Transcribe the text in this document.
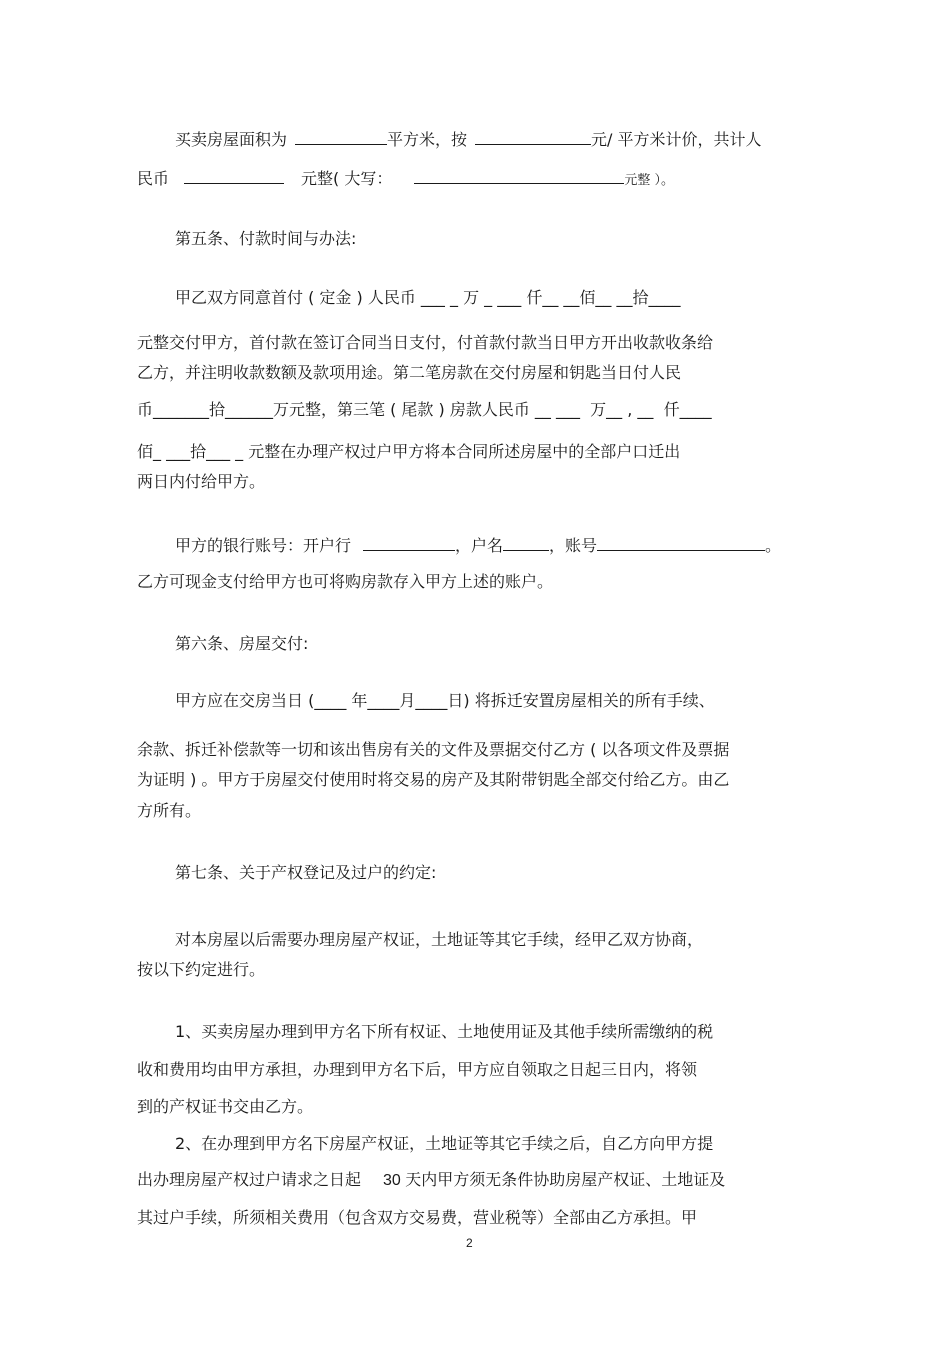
买卖房屋面积为	平方米，按	元/ 平方米计价，共计人
民币	元整( 大写：	元整 ）。
第五条、付款时间与办法:
甲乙双方同意首付 ( 定金 ) 人民币 ___ _ 万 _ ___ 仟__ __佰__ __拾____
元整交付甲方，首付款在签订合同当日支付，付首款付款当日甲方开出收款收条给
乙方，并注明收款数额及款项用途。第二笔房款在交付房屋和钥匙当日付人民
币_______拾______万元整，第三笔 ( 尾款 ) 房款人民币 __ ___  万__ , __  仟____
佰_ ___拾___ _ 元整在办理产权过户甲方将本合同所述房屋中的全部户口迁出
两日内付给甲方。
甲方的银行账号：开户行	，户名	，账号	。
乙方可现金支付给甲方也可将购房款存入甲方上述的账户。
第六条、房屋交付:
甲方应在交房当日 (____ 年____月____日) 将拆迁安置房屋相关的所有手续、
余款、拆迁补偿款等一切和该出售房有关的文件及票据交付乙方 ( 以各项文件及票据
为证明 ) 。甲方于房屋交付使用时将交易的房产及其附带钥匙全部交付给乙方。由乙
方所有。
第七条、关于产权登记及过户的约定:
对本房屋以后需要办理房屋产权证，土地证等其它手续，经甲乙双方协商，
按以下约定进行。
1、买卖房屋办理到甲方名下所有权证、土地使用证及其他手续所需缴纳的税
收和费用均由甲方承担，办理到甲方名下后，甲方应自领取之日起三日内，将领
到的产权证书交由乙方。
2、在办理到甲方名下房屋产权证，土地证等其它手续之后，自乙方向甲方提
出办理房屋产权过户请求之日起 30 天内甲方须无条件协助房屋产权证、土地证及
其过户手续，所须相关费用（包含双方交易费，营业税等）全部由乙方承担。甲
2
